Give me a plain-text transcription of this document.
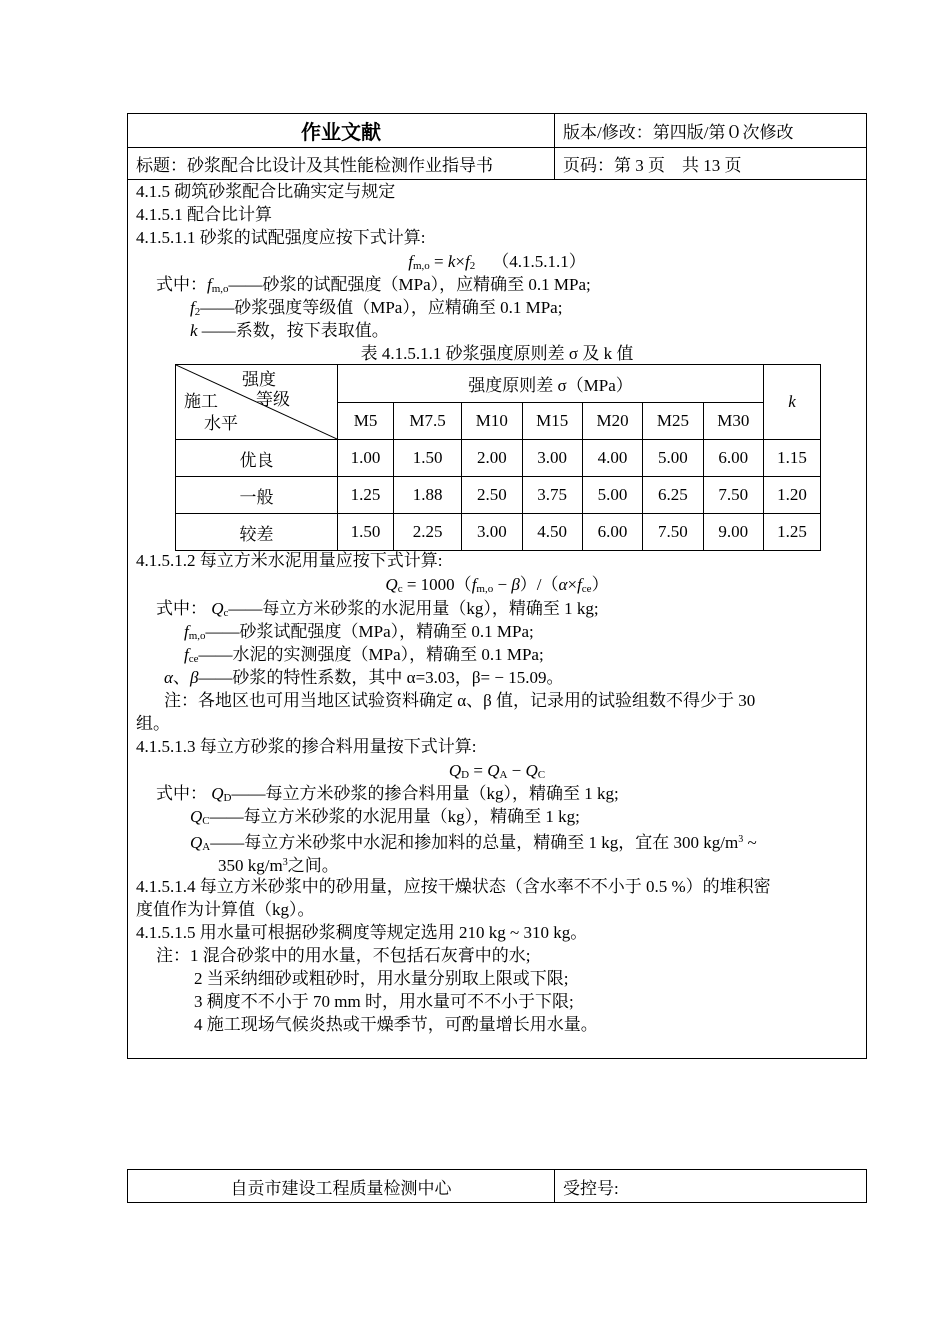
作业文献	版本/修改：第四版/第０次修改
标题：砂浆配合比设计及其性能检测作业指导书	页码：第 3 页    共 13 页
4.1.5 砌筑砂浆配合比确实定与规定
4.1.5.1 配合比计算
4.1.5.1.1 砂浆的试配强度应按下式计算:
$f_{m,o} = k\times f_2$ （4.1.5.1.1）
式中：$f_{m,o}——$砂浆的试配强度（MPa），应精确至 0.1 MPa;
$f_2——$砂浆强度等级值（MPa），应精确至 0.1 MPa;
k ——系数，按下表取值。
表 4.1.5.1.1 砂浆强度原则差 σ 及 k 值
强度
等级
施工
水平	强度原则差 σ（MPa）							k
	M5	M7.5	M10	M15	M20	M25	M30	
优良	1.00	1.50	2.00	3.00	4.00	5.00	6.00	1.15
一般	1.25	1.88	2.50	3.75	5.00	6.25	7.50	1.20
较差	1.50	2.25	3.00	4.50	6.00	7.50	9.00	1.25
4.1.5.1.2 每立方米水泥用量应按下式计算:
$Q_c = 1000(f_{m,o} - \beta)/(\alpha\times f_{ce})$
式中： $Q_c——$每立方米砂浆的水泥用量（kg），精确至 1 kg;
$f_{m,o}——$砂浆试配强度（MPa），精确至 0.1 MPa;
$f_{ce}——$水泥的实测强度（MPa），精确至 0.1 MPa;
α、β——砂浆的特性系数，其中 α=3.03，β= − 15.09。
注：各地区也可用当地区试验资料确定 α、β 值，记录用的试验组数不得少于 30
组。
4.1.5.1.3 每立方砂浆的掺合料用量按下式计算:
$Q_D = Q_A - Q_C$
式中： $Q_D——$每立方米砂浆的掺合料用量（kg），精确至 1 kg;
$Q_C——$每立方米砂浆的水泥用量（kg），精确至 1 kg;
$Q_A——$每立方米砂浆中水泥和掺加料的总量，精确至 1 kg，宜在 300 $kg/m^3$ ~
350 $kg/m^3$之间。
4.1.5.1.4 每立方米砂浆中的砂用量，应按干燥状态（含水率不不小于 0.5 %）的堆积密
度值作为计算值（kg）。
4.1.5.1.5 用水量可根据砂浆稠度等规定选用 210 kg ~ 310 kg。
注：1 混合砂浆中的用水量，不包括石灰膏中的水;
2 当采纳细砂或粗砂时，用水量分别取上限或下限;
3 稠度不不小于 70 mm 时，用水量可不不小于下限;
4 施工现场气候炎热或干燥季节，可酌量增长用水量。
自贡市建设工程质量检测中心	受控号:
